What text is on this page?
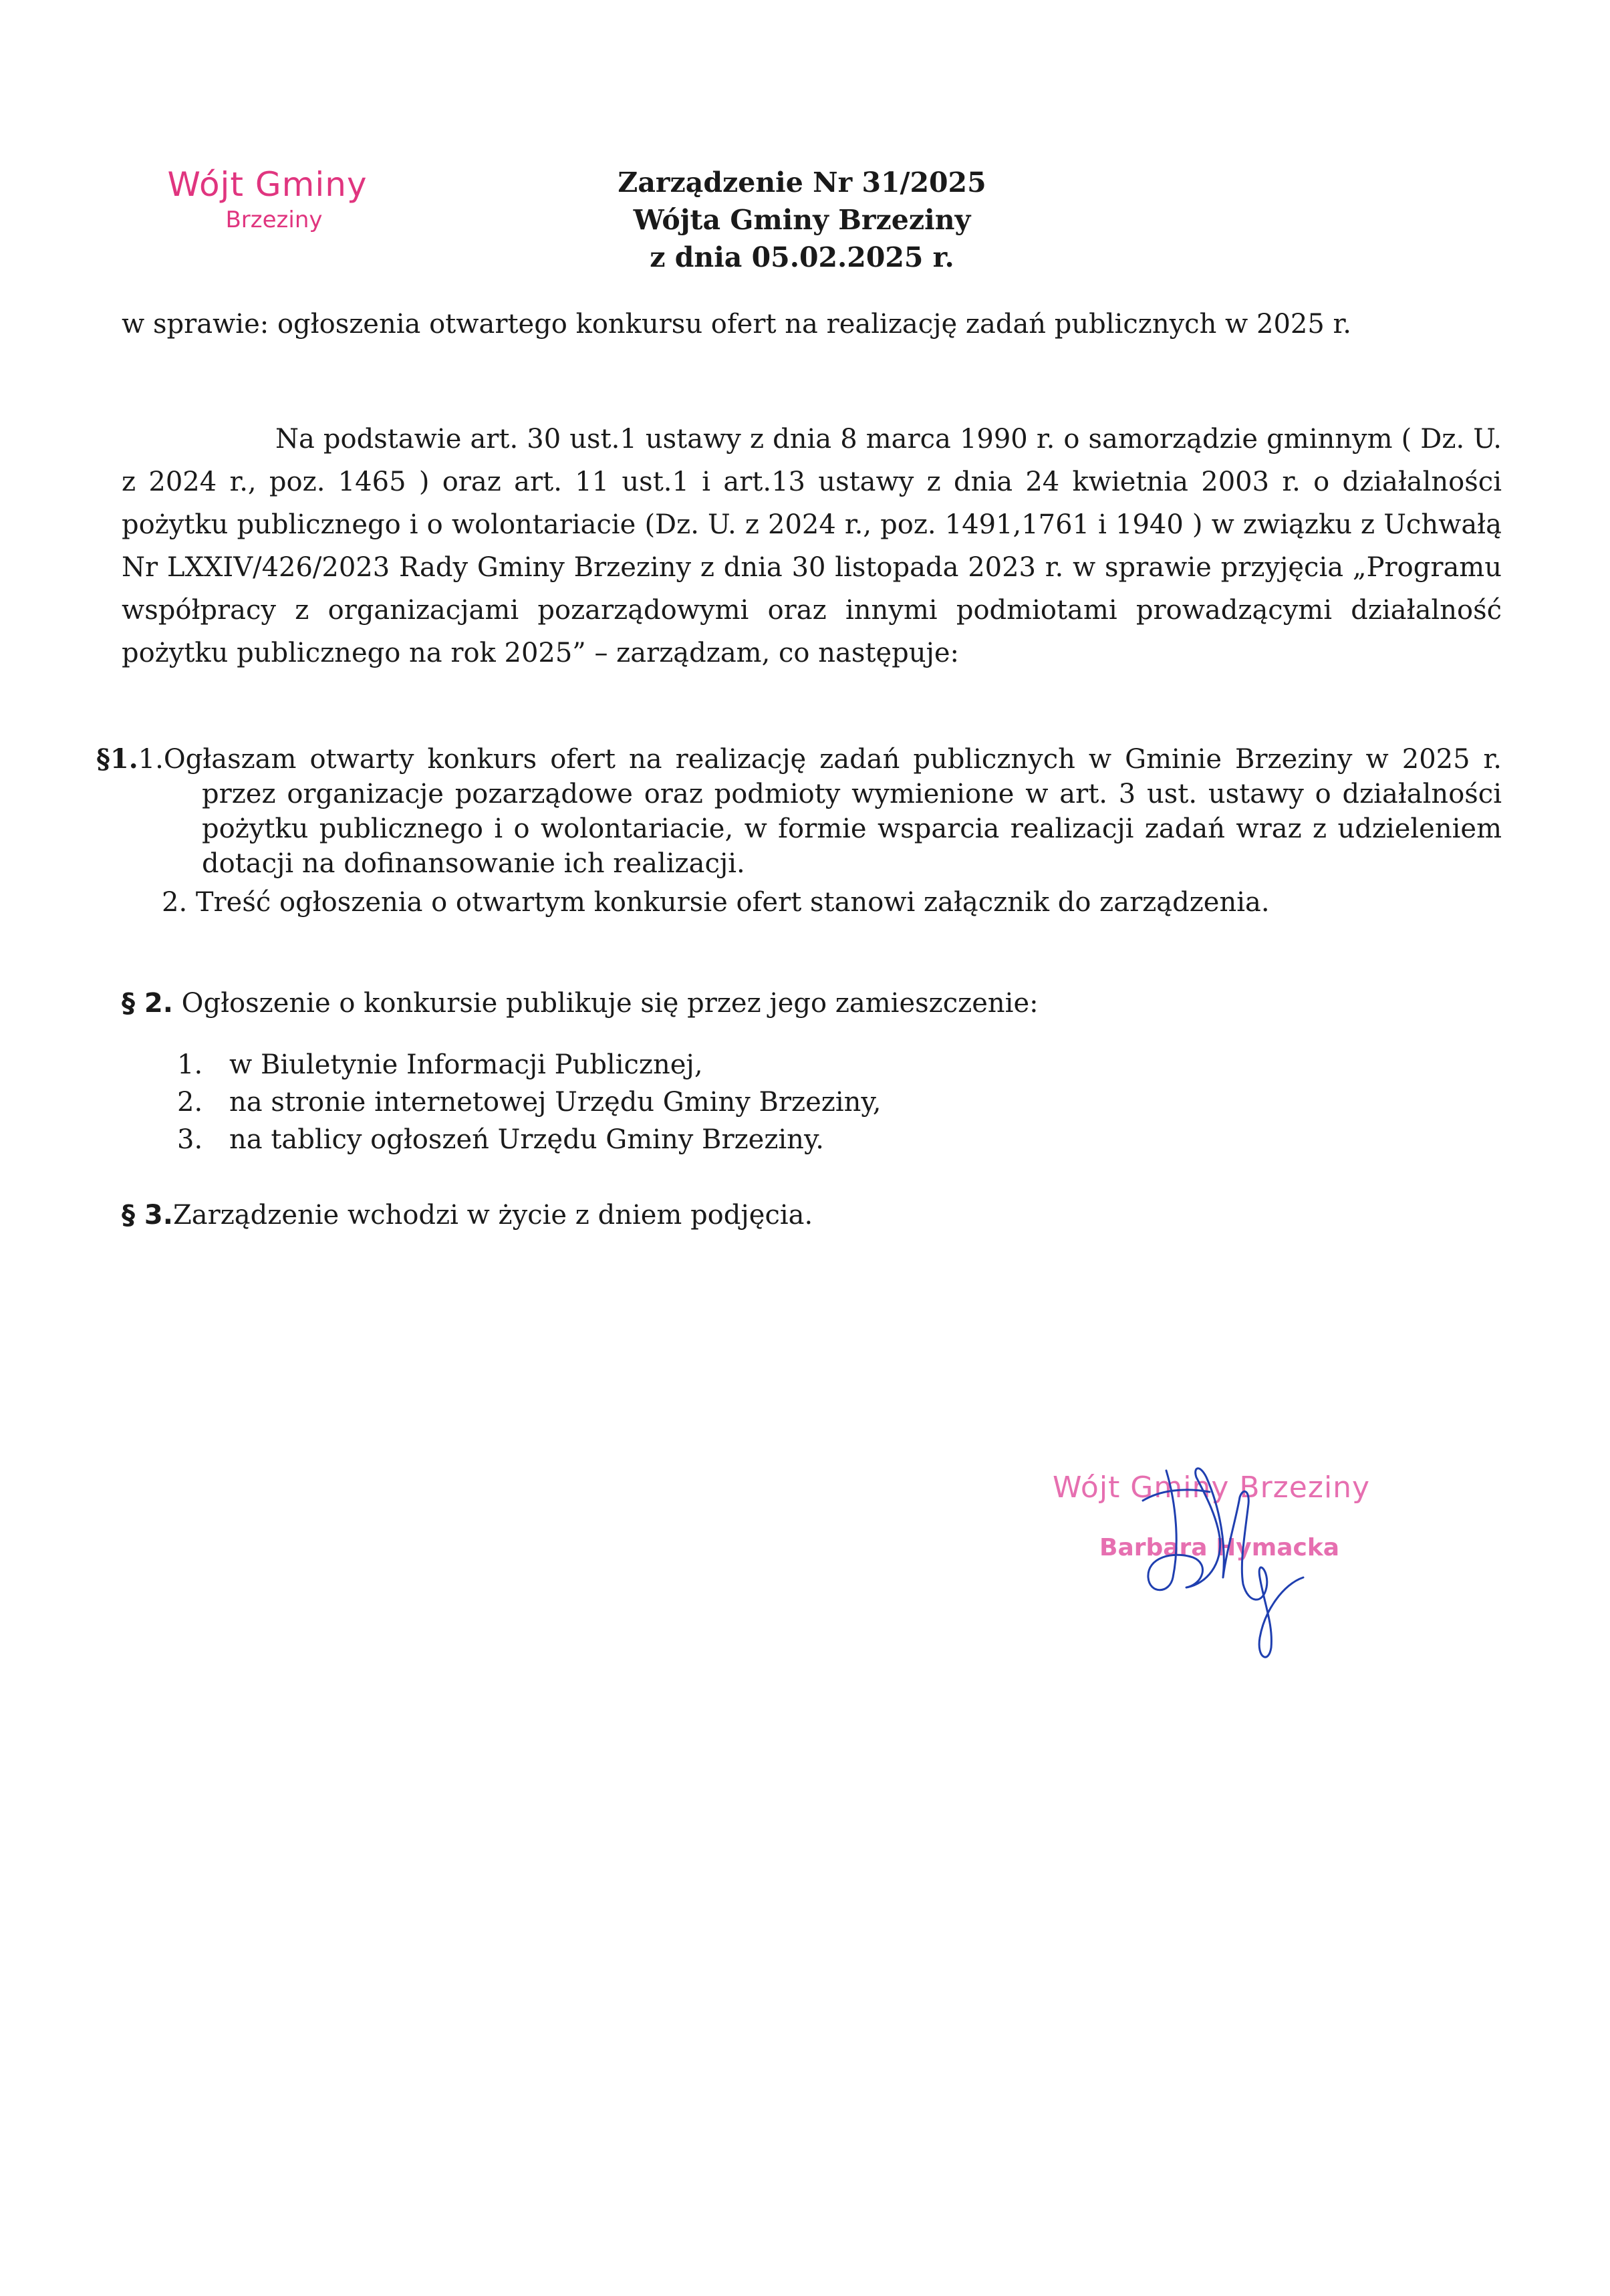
Wójt Gminy
Brzeziny
Zarządzenie Nr 31/2025
Wójta Gminy Brzeziny
z dnia 05.02.2025 r.
w sprawie: ogłoszenia otwartego konkursu ofert na realizację zadań publicznych w 2025 r.
Na podstawie art. 30 ust.1 ustawy z dnia 8 marca 1990 r. o samorządzie gminnym ( Dz. U. z 2024 r., poz. 1465 ) oraz art. 11 ust.1 i art.13 ustawy z dnia 24 kwietnia 2003 r. o działalności pożytku publicznego i o wolontariacie (Dz. U. z 2024 r., poz. 1491,1761 i 1940 ) w związku z Uchwałą Nr LXXIV/426/2023 Rady Gminy Brzeziny z dnia 30 listopada 2023 r. w sprawie przyjęcia „Programu współpracy z organizacjami pozarządowymi oraz innymi podmiotami prowadzącymi działalność pożytku publicznego na rok 2025” – zarządzam, co następuje:
§1.1.Ogłaszam otwarty konkurs ofert na realizację zadań publicznych w Gminie Brzeziny w 2025 r. przez organizacje pozarządowe oraz podmioty wymienione w art. 3 ust. ustawy o działalności pożytku publicznego i o wolontariacie, w formie wsparcia realizacji zadań wraz z udzieleniem dotacji na dofinansowanie ich realizacji.
2. Treść ogłoszenia o otwartym konkursie ofert stanowi załącznik do zarządzenia.
§ 2. Ogłoszenie o konkursie publikuje się przez jego zamieszczenie:
1. w Biuletynie Informacji Publicznej,
2. na stronie internetowej Urzędu Gminy Brzeziny,
3. na tablicy ogłoszeń Urzędu Gminy Brzeziny.
§ 3.Zarządzenie wchodzi w życie z dniem podjęcia.
Wójt Gminy Brzeziny
Barbara Hymacka
